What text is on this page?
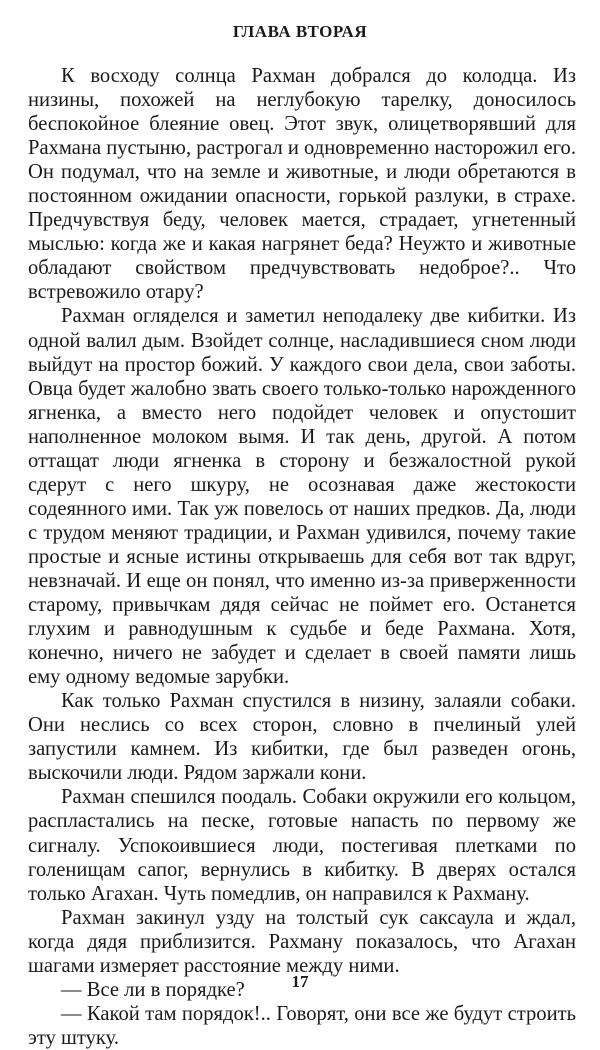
ГЛАВА ВТОРАЯ

К восходу солнца Рахман добрался до колодца. Из низины, похожей на неглубокую тарелку, доносилось беспокойное блеяние овец. Этот звук, олицетворявший для Рахмана пустыню, растрогал и одновременно насторожил его. Он подумал, что на земле и животные, и люди обретаются в постоянном ожидании опасности, горькой разлуки, в страхе. Предчувствуя беду, человек мается, страдает, угнетенный мыслью: когда же и какая нагрянет беда? Неужто и животные обладают свойством предчувствовать недоброе?.. Что встревожило отару?

Рахман огляделся и заметил неподалеку две кибитки. Из одной валил дым. Взойдет солнце, насладившиеся сном люди выйдут на простор божий. У каждого свои дела, свои заботы. Овца будет жалобно звать своего только-только нарожденного ягненка, а вместо него подойдет человек и опустошит наполненное молоком вымя. И так день, другой. А потом оттащат люди ягненка в сторону и безжалостной рукой сдерут с него шкуру, не осознавая даже жестокости содеянного ими. Так уж повелось от наших предков. Да, люди с трудом меняют традиции, и Рахман удивился, почему такие простые и ясные истины открываешь для себя вот так вдруг, невзначай. И еще он понял, что именно из-за приверженности старому, привычкам дядя сейчас не поймет его. Останется глухим и равнодушным к судьбе и беде Рахмана. Хотя, конечно, ничего не забудет и сделает в своей памяти лишь ему одному ведомые зарубки.

Как только Рахман спустился в низину, залаяли собаки. Они неслись со всех сторон, словно в пчелиный улей запустили камнем. Из кибитки, где был разведен огонь, выскочили люди. Рядом заржали кони.

Рахман спешился поодаль. Собаки окружили его кольцом, распластались на песке, готовые напасть по первому же сигналу. Успокоившиеся люди, постегивая плетками по голенищам сапог, вернулись в кибитку. В дверях остался только Агахан. Чуть помедлив, он направился к Рахману.

Рахман закинул узду на толстый сук саксаула и ждал, когда дядя приблизится. Рахману показалось, что Агахан шагами измеряет расстояние между ними.

— Все ли в порядке?

— Какой там порядок!.. Говорят, они все же будут строить эту штуку.

17
